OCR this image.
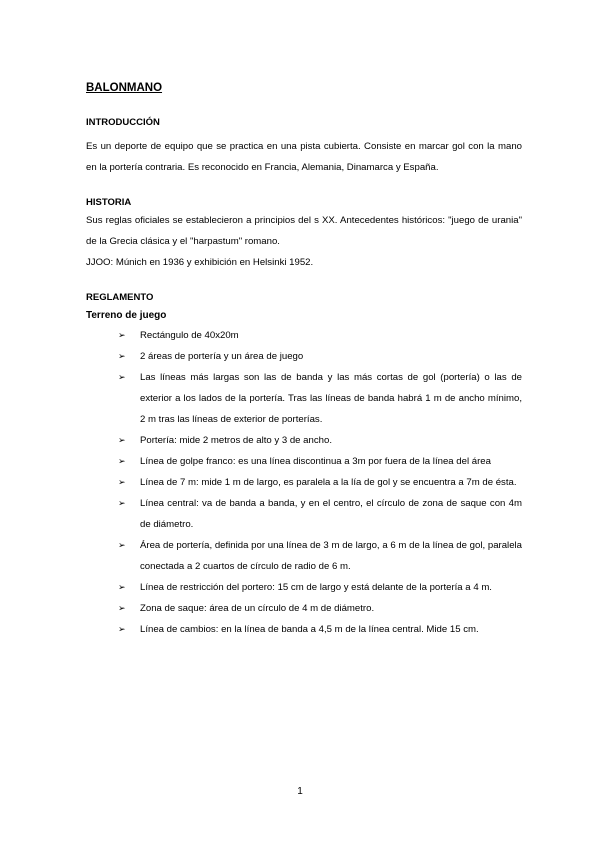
BALONMANO

INTRODUCCIÓN

Es un deporte de equipo que se practica en una pista cubierta. Consiste en marcar gol con la mano en la portería contraria. Es reconocido en Francia, Alemania, Dinamarca y España.

HISTORIA

Sus reglas oficiales se establecieron a principios del s XX. Antecedentes históricos: "juego de urania" de la Grecia clásica y el "harpastum" romano.

JJOO: Múnich en 1936 y exhibición en Helsinki 1952.

REGLAMENTO

Terreno de juego

➢ Rectángulo de 40x20m
➢ 2 áreas de portería y un área de juego
➢ Las líneas más largas son las de banda y las más cortas de gol (portería) o las de exterior a los lados de la portería. Tras las líneas de banda habrá 1 m de ancho mínimo, 2 m tras las líneas de exterior de porterías.
➢ Portería: mide 2 metros de alto y 3 de ancho.
➢ Línea de golpe franco: es una línea discontinua a 3m por fuera de la línea del área
➢ Línea de 7 m: mide 1 m de largo, es paralela a la lía de gol y se encuentra a 7m de ésta.
➢ Línea central: va de banda a banda, y en el centro, el círculo de zona de saque con 4m de diámetro.
➢ Área de portería, definida por una línea de 3 m de largo, a 6 m de la línea de gol, paralela conectada a 2 cuartos de círculo de radio de 6 m.
➢ Línea de restricción del portero: 15 cm de largo y está delante de la portería a 4 m.
➢ Zona de saque: área de un círculo de 4 m de diámetro.
➢ Línea de cambios: en la línea de banda a 4,5 m de la línea central. Mide 15 cm.
1
